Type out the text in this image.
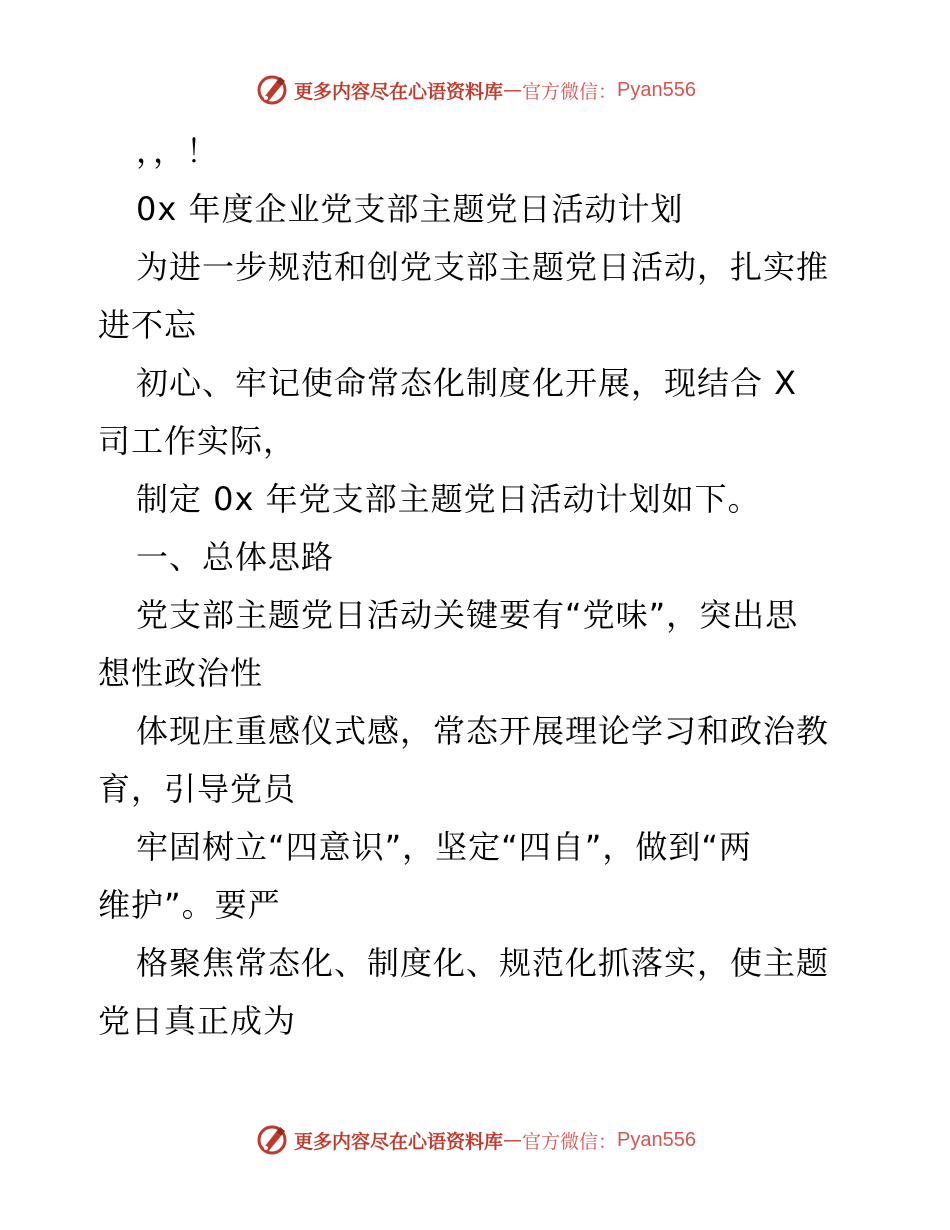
更多内容尽在心语资料库 — 官方微信： Pyan556
，，！
0x 年度企业党支部主题党日活动计划
为进一步规范和创党支部主题党日活动，扎实推
进不忘
初心、牢记使命常态化制度化开展，现结合 X
司工作实际，
制定 0x 年党支部主题党日活动计划如下。
一、总体思路
党支部主题党日活动关键要有“党味”，突出思
想性政治性
体现庄重感仪式感，常态开展理论学习和政治教
育，引导党员
牢固树立“四意识”，坚定“四自”，做到“两
维护”。要严
格聚焦常态化、制度化、规范化抓落实，使主题
党日真正成为
更多内容尽在心语资料库 — 官方微信： Pyan556
